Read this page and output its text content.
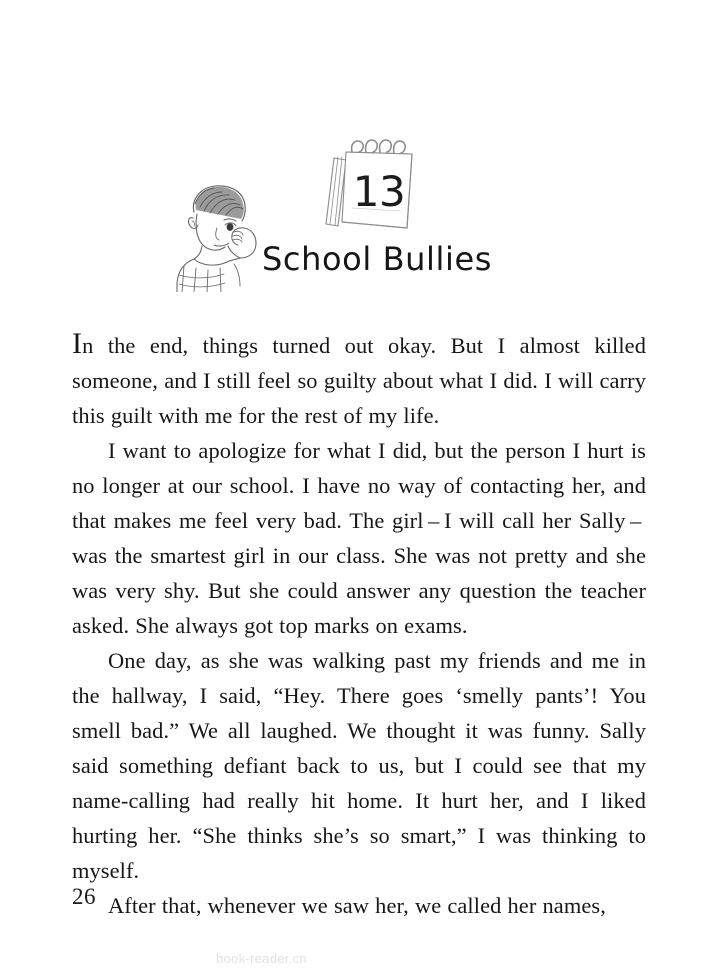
13
School Bullies

In the end, things turned out okay. But I almost killed someone, and I still feel so guilty about what I did. I will carry this guilt with me for the rest of my life.

I want to apologize for what I did, but the person I hurt is no longer at our school. I have no way of contacting her, and that makes me feel very bad. The girl – I will call her Sally – was the smartest girl in our class. She was not pretty and she was very shy. But she could answer any question the teacher asked. She always got top marks on exams.

One day, as she was walking past my friends and me in the hallway, I said, “Hey. There goes ‘smelly pants’! You smell bad.” We all laughed. We thought it was funny. Sally said something defiant back to us, but I could see that my name-calling had really hit home. It hurt her, and I liked hurting her. “She thinks she’s so smart,” I was thinking to myself.

After that, whenever we saw her, we called her names,

26
book-reader.cn
